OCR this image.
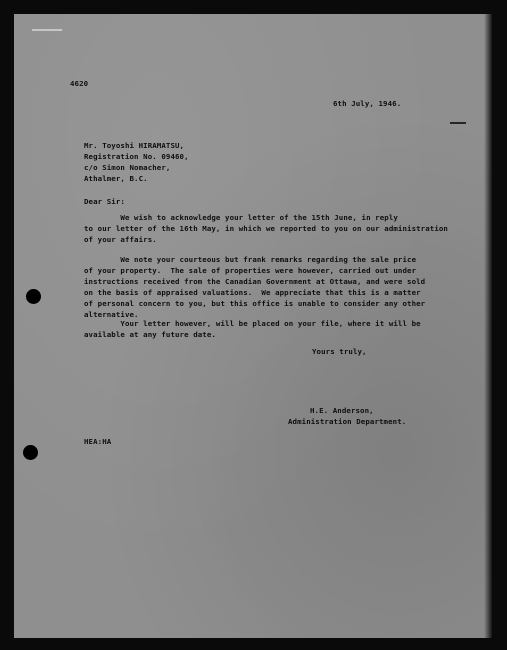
4620
6th July, 1946.
Mr. Toyoshi HIRAMATSU,
Registration No. 09460,
c/o Simon Nomacher,
Athalmer, B.C.
Dear Sir:
We wish to acknowledge your letter of the 15th June, in reply
to our letter of the 16th May, in which we reported to you on our administration
of your affairs.
We note your courteous but frank remarks regarding the sale price
of your property.  The sale of properties were however, carried out under
instructions received from the Canadian Government at Ottawa, and were sold
on the basis of appraised valuations.  We appreciate that this is a matter
of personal concern to you, but this office is unable to consider any other
alternative.
Your letter however, will be placed on your file, where it will be
available at any future date.
Yours truly,
H.E. Anderson,
Administration Department.
HEA:HA
